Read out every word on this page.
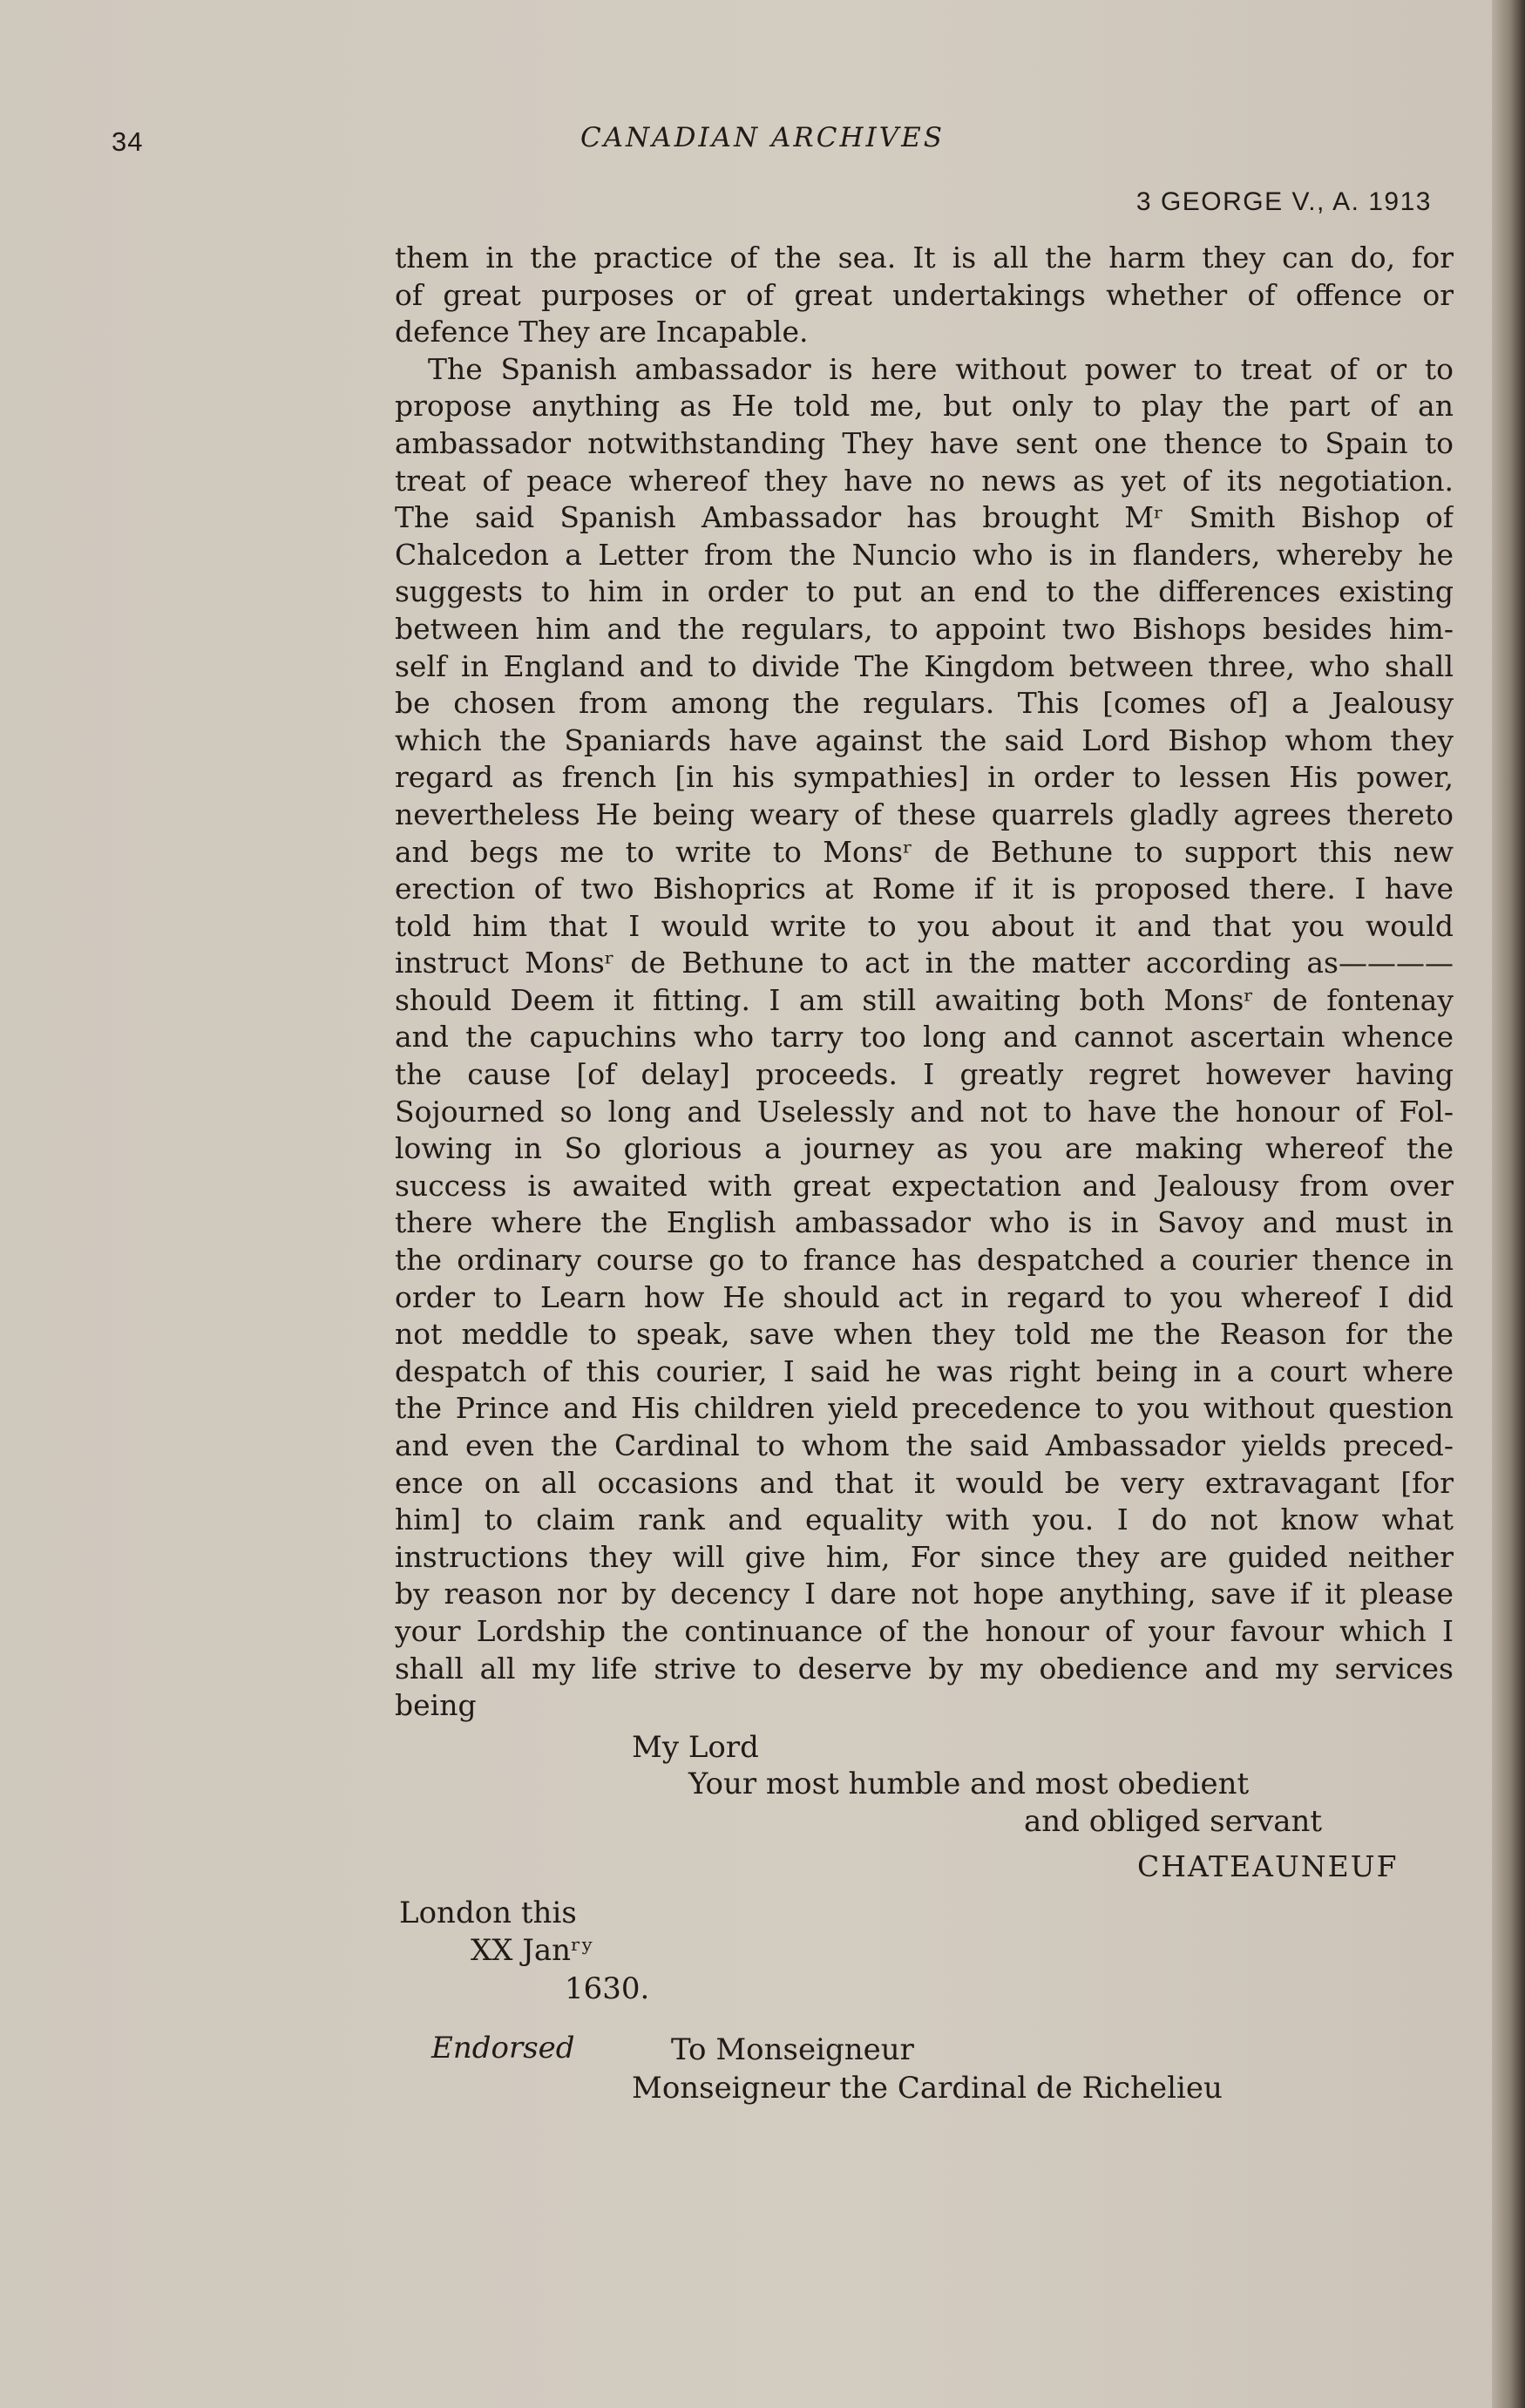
34	CANADIAN ARCHIVES
3 GEORGE V., A. 1913
them in the practice of the sea. It is all the harm they can do, for
of great purposes or of great undertakings whether of offence or
defence They are Incapable.
The Spanish ambassador is here without power to treat of or to
propose anything as He told me, but only to play the part of an
ambassador notwithstanding They have sent one thence to Spain to
treat of peace whereof they have no news as yet of its negotiation.
The said Spanish Ambassador has brought Mʳ Smith Bishop of
Chalcedon a Letter from the Nuncio who is in flanders, whereby he
suggests to him in order to put an end to the differences existing
between him and the regulars, to appoint two Bishops besides him-
self in England and to divide The Kingdom between three, who shall
be chosen from among the regulars. This [comes of] a Jealousy
which the Spaniards have against the said Lord Bishop whom they
regard as french [in his sympathies] in order to lessen His power,
nevertheless He being weary of these quarrels gladly agrees thereto
and begs me to write to Monsʳ de Bethune to support this new
erection of two Bishoprics at Rome if it is proposed there. I have
told him that I would write to you about it and that you would
instruct Monsʳ de Bethune to act in the matter according as————
should Deem it fitting. I am still awaiting both Monsʳ de fontenay
and the capuchins who tarry too long and cannot ascertain whence
the cause [of delay] proceeds. I greatly regret however having
Sojourned so long and Uselessly and not to have the honour of Fol-
lowing in So glorious a journey as you are making whereof the
success is awaited with great expectation and Jealousy from over
there where the English ambassador who is in Savoy and must in
the ordinary course go to france has despatched a courier thence in
order to Learn how He should act in regard to you whereof I did
not meddle to speak, save when they told me the Reason for the
despatch of this courier, I said he was right being in a court where
the Prince and His children yield precedence to you without question
and even the Cardinal to whom the said Ambassador yields preced-
ence on all occasions and that it would be very extravagant [for
him] to claim rank and equality with you. I do not know what
instructions they will give him, For since they are guided neither
by reason nor by decency I dare not hope anything, save if it please
your Lordship the continuance of the honour of your favour which I
shall all my life strive to deserve by my obedience and my services
being
My Lord
Your most humble and most obedient
and obliged servant
CHATEAUNEUF
London this
XX Janʳʸ
1630.
Endorsed	To Monseigneur
Monseigneur the Cardinal de Richelieu
